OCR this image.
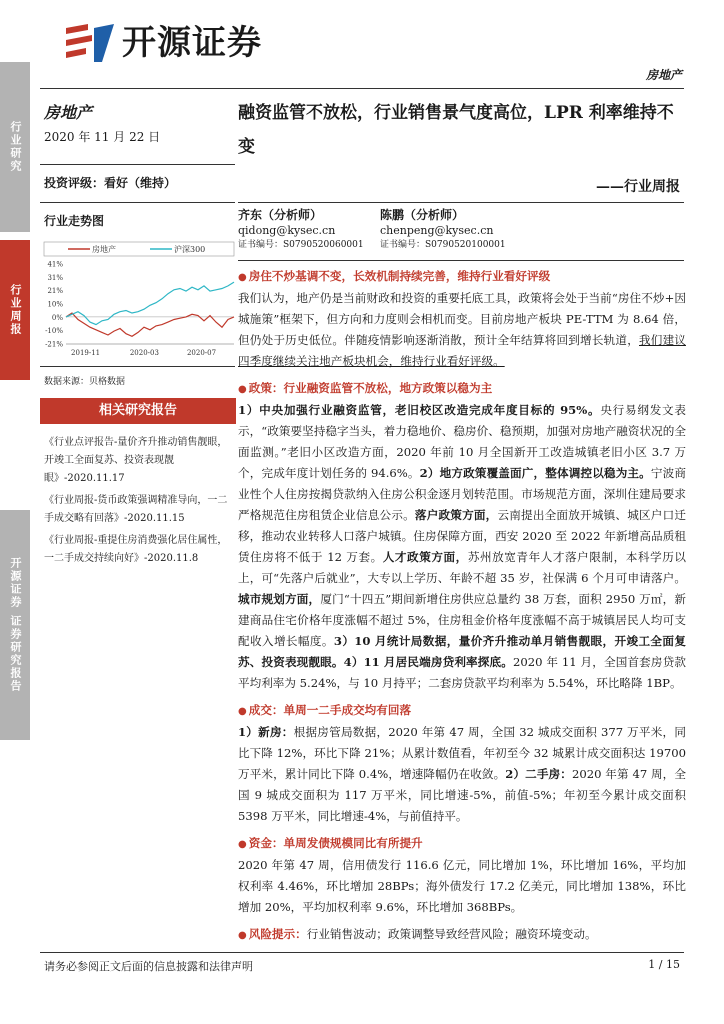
开源证券
房地产
行业研究
行业周报
开源证券 证券研究报告
房地产
2020 年 11 月 22 日
投资评级：看好（维持）
行业走势图
房地产	沪深300
41%
31%
21%
10%
0%
-10%
-21%
2019-11	2020-03	2020-07
数据来源：贝格数据
相关研究报告
《行业点评报告-量价齐升推动销售靓眼，开竣工全面复苏、投资表现靓眼》-2020.11.17
《行业周报-货币政策强调精准导向，一二手成交略有回落》-2020.11.15
《行业周报-重提住房消费强化居住属性，一二手成交持续向好》-2020.11.8
融资监管不放松，行业销售景气度高位，LPR 利率维持不变
——行业周报
齐东（分析师）
qidong@kysec.cn
证书编号：S0790520060001
陈鹏（分析师）
chenpeng@kysec.cn
证书编号：S0790520100001
● 房住不炒基调不变，长效机制持续完善，维持行业看好评级

我们认为，地产仍是当前财政和投资的重要托底工具，政策将会处于当前“房住不炒+因城施策”框架下，但方向和力度则会相机而变。目前房地产板块 PE-TTM 为 8.64 倍，但仍处于历史低位。伴随疫情影响逐渐消散，预计全年结算将回到增长轨道，我们建议四季度继续关注地产板块机会，维持行业看好评级。

● 政策：行业融资监管不放松，地方政策以稳为主

1）中央加强行业融资监管，老旧校区改造完成年度目标的 95%。央行易纲发文表示，“政策要坚持稳字当头，着力稳地价、稳房价、稳预期，加强对房地产融资状况的全面监测。”老旧小区改造方面，2020 年前 10 月全国新开工改造城镇老旧小区 3.7 万个，完成年度计划任务的 94.6%。2）地方政策覆盖面广，整体调控以稳为主。宁波商业性个人住房按揭贷款纳入住房公积金逐月划转范围。市场规范方面，深圳住建局要求严格规范住房租赁企业信息公示。落户政策方面，云南提出全面放开城镇、城区户口迁移，推动农业转移人口落户城镇。住房保障方面，西安 2020 至 2022 年新增高品质租赁住房将不低于 12 万套。人才政策方面，苏州放宽青年人才落户限制，本科学历以上，可“先落户后就业”，大专以上学历、年龄不超 35 岁，社保满 6 个月可申请落户。城市规划方面，厦门“十四五”期间新增住房供应总量约 38 万套，面积 2950 万㎡，新建商品住宅价格年度涨幅不超过 5%，住房租金价格年度涨幅不高于城镇居民人均可支配收入增长幅度。3）10 月统计局数据，量价齐升推动单月销售靓眼，开竣工全面复苏、投资表现靓眼。4）11 月居民端房贷利率探底。2020 年 11 月，全国首套房贷款平均利率为 5.24%，与 10 月持平；二套房贷款平均利率为 5.54%，环比略降 1BP。

● 成交：单周一二手成交均有回落

1）新房：根据房管局数据，2020 年第 47 周，全国 32 城成交面积 377 万平米，同比下降 12%，环比下降 21%；从累计数值看，年初至今 32 城累计成交面积达 19700 万平米，累计同比下降 0.4%，增速降幅仍在收敛。2）二手房：2020 年第 47 周，全国 9 城成交面积为 117 万平米，同比增速-5%，前值-5%；年初至今累计成交面积 5398 万平米，同比增速-4%，与前值持平。

● 资金：单周发债规模同比有所提升

2020 年第 47 周，信用债发行 116.6 亿元，同比增加 1%，环比增加 16%，平均加权利率 4.46%，环比增加 28BPs；海外债发行 17.2 亿美元，同比增加 138%，环比增加 20%，平均加权利率 9.6%，环比增加 368BPs。

● 风险提示：行业销售波动；政策调整导致经营风险；融资环境变动。
请务必参阅正文后面的信息披露和法律声明	1 / 15
